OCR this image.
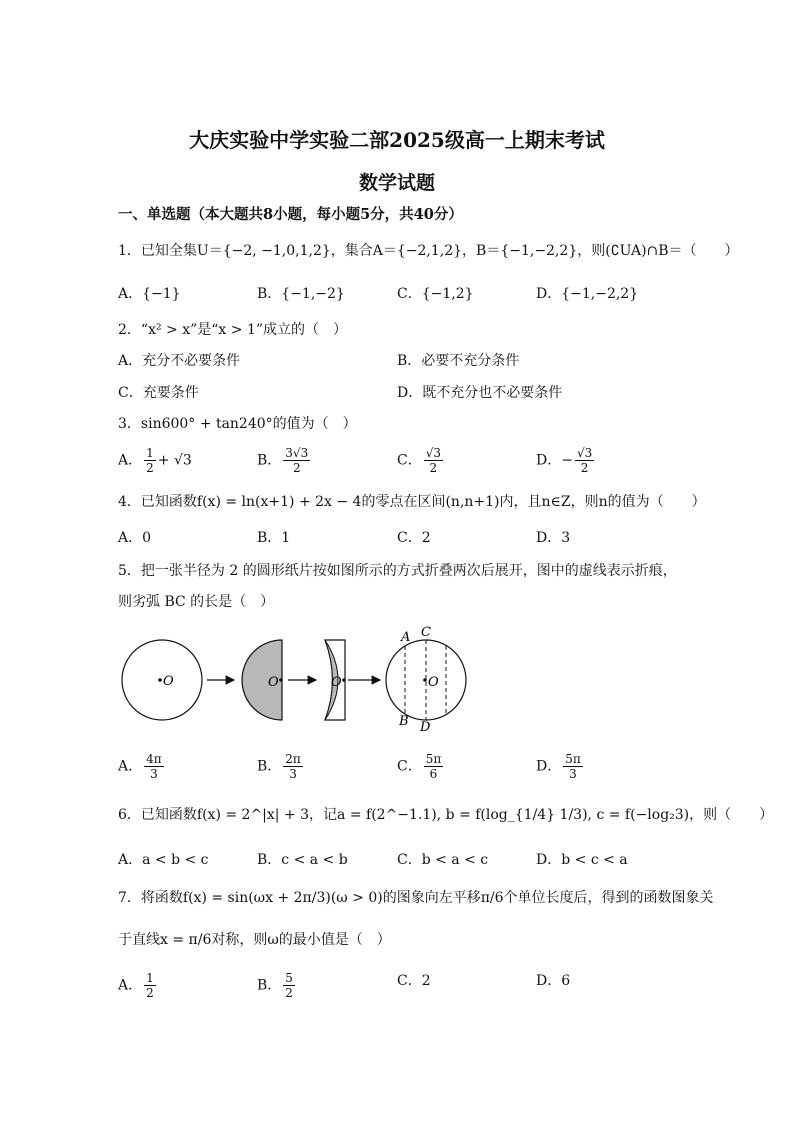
大庆实验中学实验二部2025级高一上期末考试
数学试题
一、单选题（本大题共8小题，每小题5分，共40分）
1．已知全集U＝{−2, −1,0,1,2}，集合A＝{−2,1,2}，B＝{−1,−2,2}，则(∁UA)∩B＝（　　）
A．{−1}	B．{−1,−2}	C．{−1,2}	D．{−1,−2,2}
2．“x² > x”是“x > 1”成立的（　）
A．充分不必要条件	B．必要不充分条件
C．充要条件	D．既不充分也不必要条件
3．sin600° + tan240°的值为（　）
A． $\frac{1}{2} + √3$	B． $\frac{3√3}{2}$	C． $\frac{√3}{2}$	D．− $\frac{√3}{2}$
4．已知函数f(x) = ln(x+1) + 2x − 4的零点在区间(n,n+1)内，且n∈Z，则n的值为（　　）
A．0	B．1	C．2	D．3
5．把一张半径为 2 的圆形纸片按如图所示的方式折叠两次后展开，图中的虚线表示折痕，
则劣弧 BC 的长是（　）
O	O	O	O
A C
B D
A． $\frac{4\pi}{3}$	B． $\frac{2\pi}{3}$	C． $\frac{5\pi}{6}$	D． $\frac{5\pi}{3}$
6．已知函数f(x) = 2^|x| + 3，记a = f(2^−1.1), b = f(log_{1/4} 1/3), c = f(−log₂3)，则（　　）
A．a < b < c	B．c < a < b	C．b < a < c	D．b < c < a
7．将函数f(x) = sin(ωx + 2π/3)(ω > 0)的图象向左平移π/6个单位长度后，得到的函数图象关
于直线x = π/6对称，则ω的最小值是（　）
A． $\frac{1}{2}$	B． $\frac{5}{2}$	C．2	D．6
